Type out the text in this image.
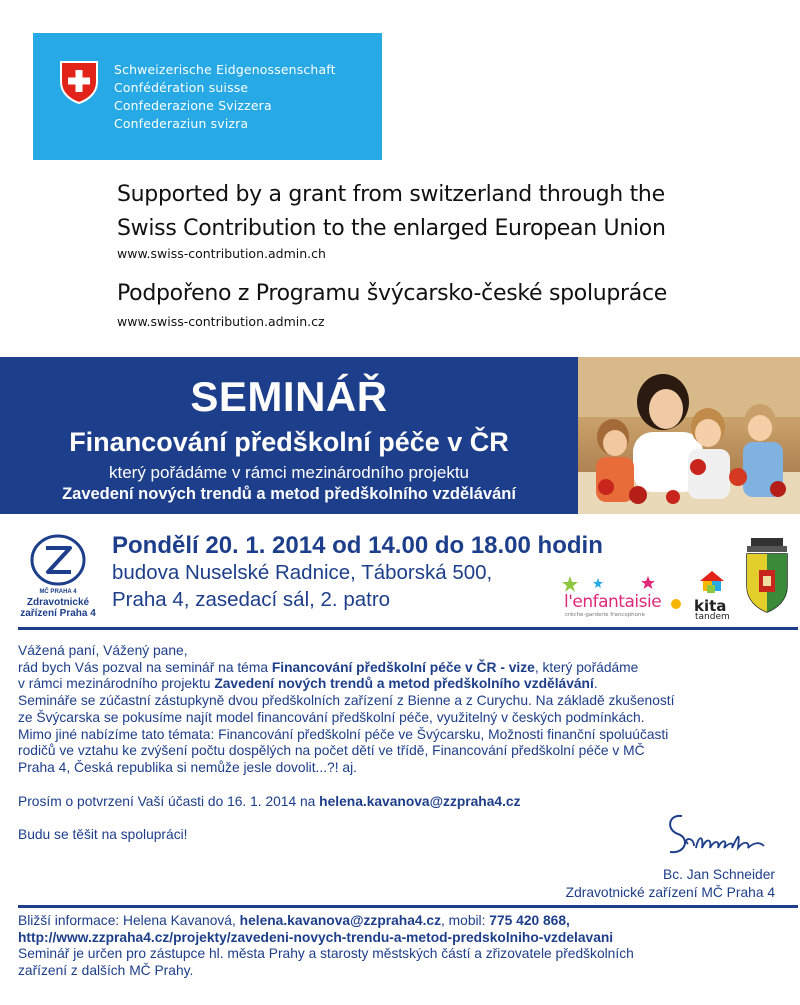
Schweizerische Eidgenossenschaft
Confédération suisse
Confederazione Svizzera
Confederaziun svizra
Supported by a grant from switzerland through the
Swiss Contribution to the enlarged European Union
www.swiss-contribution.admin.ch
Podpořeno z Programu švýcarsko-české spolupráce
www.swiss-contribution.admin.cz
SEMINÁŘ
Financování předškolní péče v ČR
který pořádáme v rámci mezinárodního projektu
Zavedení nových trendů a metod předškolního vzdělávání
MČ PRAHA 4
Zdravotnické
zařízení Praha 4
Pondělí 20. 1. 2014 od 14.00 do 18.00 hodin
budova Nuselské Radnice, Táborská 500,
Praha 4, zasedací sál, 2. patro	l'enfantaisie
crèche-garderie francophone	kita
tandem

Vážená paní, Vážený pane,

rád bych Vás pozval na seminář na téma Financování předškolní péče v ČR - vize, který pořádáme

v rámci mezinárodního projektu Zavedení nových trendů a metod předškolního vzdělávání.

Semináře se zúčastní zástupkyně dvou předškolních zařízení z Bienne a z Curychu. Na základě zkušeností

ze Švýcarska se pokusíme najít model financování předškolní péče, využitelný v českých podmínkách.

Mimo jiné nabízíme tato témata: Financování předškolní péče ve Švýcarsku, Možnosti finanční spoluúčasti

rodičů ve vztahu ke zvýšení počtu dospělých na počet dětí ve třídě, Financování předškolní péče v MČ

Praha 4, Česká republika si nemůže jesle dovolit...?! aj.

Prosím o potvrzení Vaší účasti do 16. 1. 2014 na helena.kavanova@zzpraha4.cz

Budu se těšit na spolupráci!

Bc. Jan Schneider
Zdravotnické zařízení MČ Praha 4

Bližší informace: Helena Kavanová, helena.kavanova@zzpraha4.cz, mobil: 775 420 868,

http://www.zzpraha4.cz/projekty/zavedeni-novych-trendu-a-metod-predskolniho-vzdelavani

Seminář je určen pro zástupce hl. města Prahy a starosty městských částí a zřizovatele předškolních

zařízení z dalších MČ Prahy.
